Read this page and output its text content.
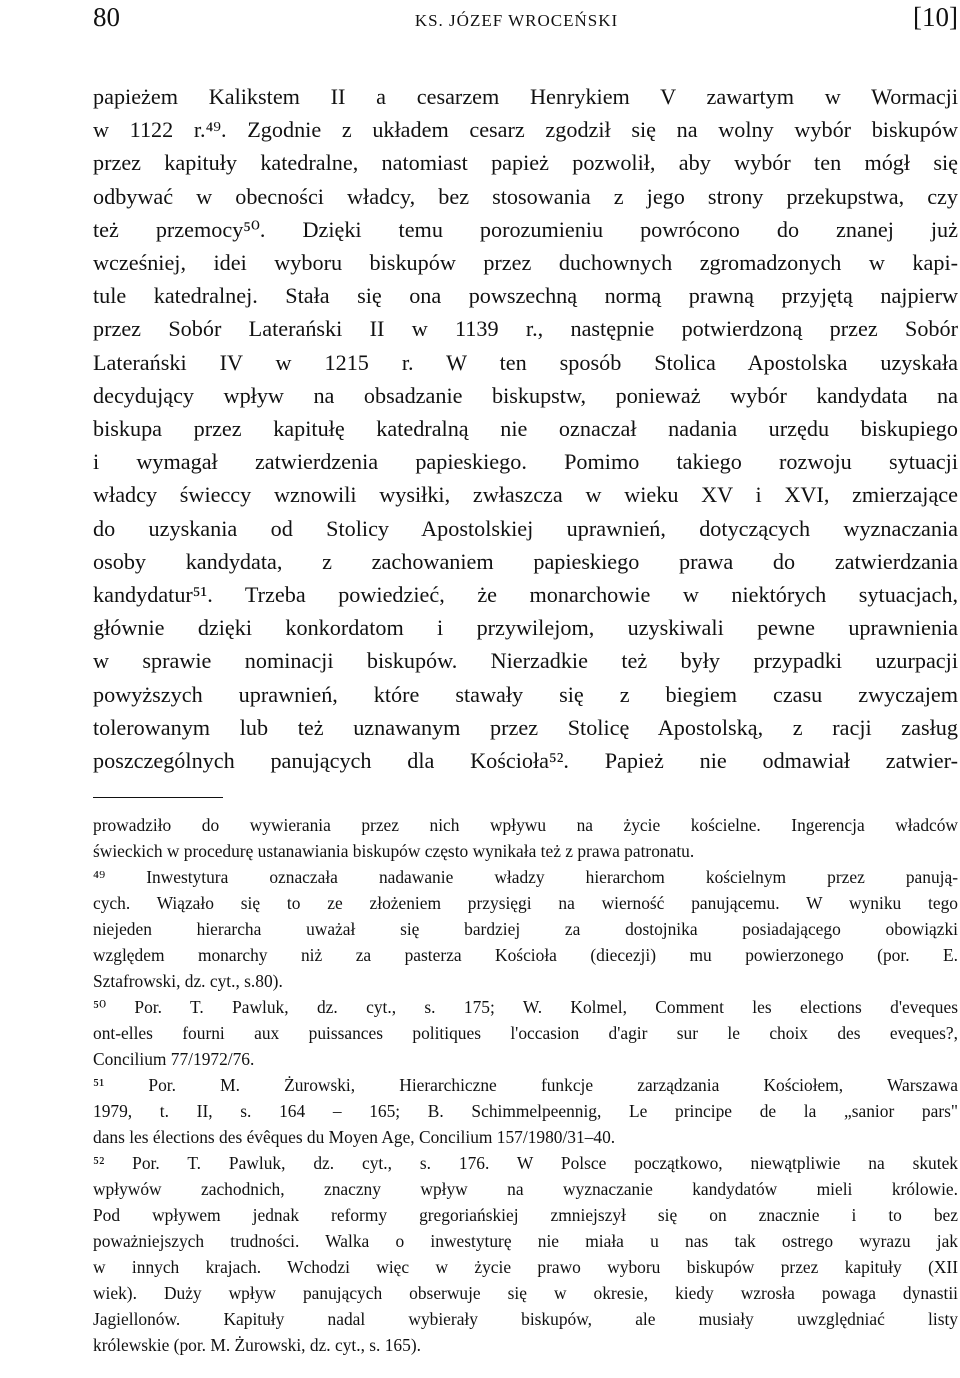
80	KS. JÓZEF WROCEŃSKI	[10]
papieżem Kalikstem II a cesarzem Henrykiem V zawartym w Wormacji
w 1122 r.⁴⁹. Zgodnie z układem cesarz zgodził się na wolny wybór biskupów
przez kapituły katedralne, natomiast papież pozwolił, aby wybór ten mógł się
odbywać w obecności władcy, bez stosowania z jego strony przekupstwa, czy
też przemocy⁵⁰. Dzięki temu porozumieniu powrócono do znanej już
wcześniej, idei wyboru biskupów przez duchownych zgromadzonych w kapi-
tule katedralnej. Stała się ona powszechną normą prawną przyjętą najpierw
przez Sobór Laterański II w 1139 r., następnie potwierdzoną przez Sobór
Laterański IV w 1215 r. W ten sposób Stolica Apostolska uzyskała
decydujący wpływ na obsadzanie biskupstw, ponieważ wybór kandydata na
biskupa przez kapitułę katedralną nie oznaczał nadania urzędu biskupiego
i wymagał zatwierdzenia papieskiego. Pomimo takiego rozwoju sytuacji
władcy świeccy wznowili wysiłki, zwłaszcza w wieku XV i XVI, zmierzające
do uzyskania od Stolicy Apostolskiej uprawnień, dotyczących wyznaczania
osoby kandydata, z zachowaniem papieskiego prawa do zatwierdzania
kandydatur⁵¹. Trzeba powiedzieć, że monarchowie w niektórych sytuacjach,
głównie dzięki konkordatom i przywilejom, uzyskiwali pewne uprawnienia
w sprawie nominacji biskupów. Nierzadkie też były przypadki uzurpacji
powyższych uprawnień, które stawały się z biegiem czasu zwyczajem
tolerowanym lub też uznawanym przez Stolicę Apostolską, z racji zasług
poszczególnych panujących dla Kościoła⁵². Papież nie odmawiał zatwier-
prowadziło do wywierania przez nich wpływu na życie kościelne. Ingerencja władców
świeckich w procedurę ustanawiania biskupów często wynikała też z prawa patronatu.
⁴⁹ Inwestytura oznaczała nadawanie władzy hierarchom kościelnym przez panują-
cych. Wiązało się to ze złożeniem przysięgi na wierność panującemu. W wyniku tego
niejeden hierarcha uważał się bardziej za dostojnika posiadającego obowiązki
względem monarchy niż za pasterza Kościoła (diecezji) mu powierzonego (por. E.
Sztafrowski, dz. cyt., s.80).
⁵⁰ Por. T. Pawluk, dz. cyt., s. 175; W. Kolmel, Comment les elections d'eveques
ont-elles fourni aux puissances politiques l'occasion d'agir sur le choix des eveques?,
Concilium 77/1972/76.
⁵¹ Por. M. Żurowski, Hierarchiczne funkcje zarządzania Kościołem, Warszawa
1979, t. II, s. 164 – 165; B. Schimmelpeennig, Le principe de la „sanior pars"
dans les élections des évêques du Moyen Age, Concilium 157/1980/31–40.
⁵² Por. T. Pawluk, dz. cyt., s. 176. W Polsce początkowo, niewątpliwie na skutek
wpływów zachodnich, znaczny wpływ na wyznaczanie kandydatów mieli królowie.
Pod wpływem jednak reformy gregoriańskiej zmniejszył się on znacznie i to bez
poważniejszych trudności. Walka o inwestyturę nie miała u nas tak ostrego wyrazu jak
w innych krajach. Wchodzi więc w życie prawo wyboru biskupów przez kapituły (XII
wiek). Duży wpływ panujących obserwuje się w okresie, kiedy wzrosła powaga dynastii
Jagiellonów. Kapituły nadal wybierały biskupów, ale musiały uwzględniać listy
królewskie (por. M. Żurowski, dz. cyt., s. 165).
